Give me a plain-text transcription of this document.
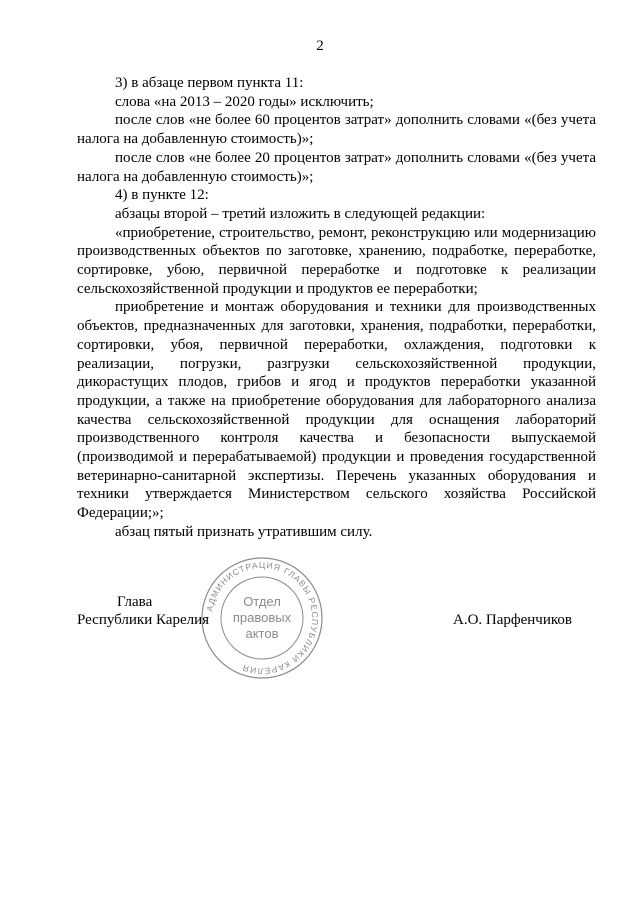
2

3) в абзаце первом пункта 11:

слова «на 2013 – 2020 годы» исключить;

после слов «не более 60 процентов затрат» дополнить словами «(без учета налога на добавленную стоимость)»;

после слов «не более 20 процентов затрат» дополнить словами «(без учета налога на добавленную стоимость)»;

4) в пункте 12:

абзацы второй – третий изложить в следующей редакции:

«приобретение, строительство, ремонт, реконструкцию или модернизацию производственных объектов по заготовке, хранению, подработке, переработке, сортировке, убою, первичной переработке и подготовке к реализации сельскохозяйственной продукции и продуктов ее переработки;

приобретение и монтаж оборудования и техники для производственных объектов, предназначенных для заготовки, хранения, подработки, переработки, сортировки, убоя, первичной переработки, охлаждения, подготовки к реализации, погрузки, разгрузки сельскохозяйственной продукции, дикорастущих плодов, грибов и ягод и продуктов переработки указанной продукции, а также на приобретение оборудования для лабораторного анализа качества сельскохозяйственной продукции для оснащения лабораторий производственного контроля качества и безопасности выпускаемой (производимой и перерабатываемой) продукции и проведения государственной ветеринарно-санитарной экспертизы. Перечень указанных оборудования и техники утверждается Министерством сельского хозяйства Российской Федерации;»;

абзац пятый признать утратившим силу.

Глава
Республики Карелия	А.О. Парфенчиков
АДМИНИСТРАЦИЯ ГЛАВЫ РЕСПУБЛИКИ КАРЕЛИЯ
Отдел
правовых
актов
